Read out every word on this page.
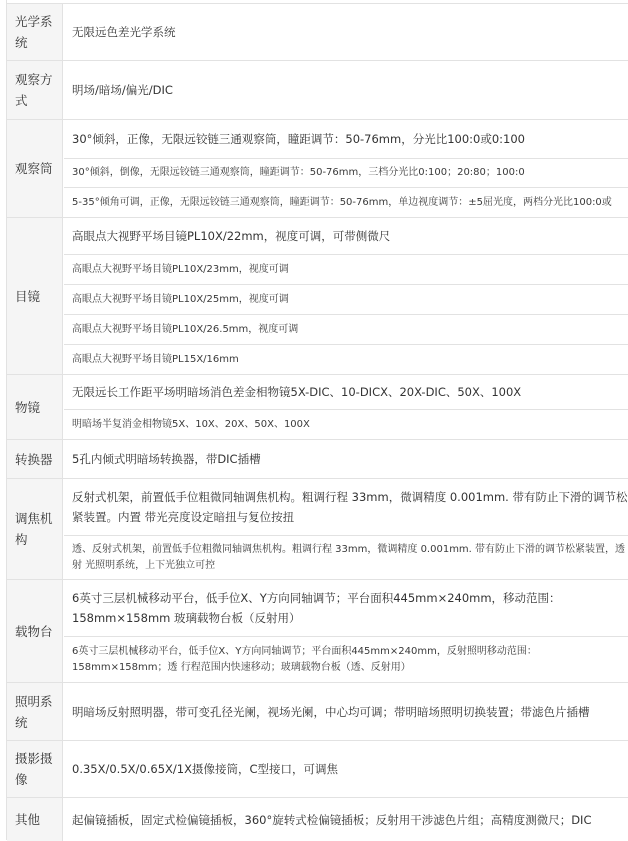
光学系统
无限远色差光学系统
观察方式
明场/暗场/偏光/DIC
观察筒
30°倾斜，正像，无限远铰链三通观察筒，瞳距调节：50-76mm，分光比100:0或0:100
30°倾斜，倒像，无限远铰链三通观察筒，瞳距调节：50-76mm，三档分光比0:100；20:80；100:0
5-35°倾角可调，正像，无限远铰链三通观察筒，瞳距调节：50-76mm，单边视度调节：±5屈光度，两档分光比100:0或
目镜
高眼点大视野平场目镜PL10X/22mm，视度可调，可带侧微尺
高眼点大视野平场目镜PL10X/23mm，视度可调
高眼点大视野平场目镜PL10X/25mm，视度可调
高眼点大视野平场目镜PL10X/26.5mm，视度可调
高眼点大视野平场目镜PL15X/16mm
物镜
无限远长工作距平场明暗场消色差金相物镜5X-DIC、10-DICX、20X-DIC、50X、100X
明暗场半复消金相物镜5X、10X、20X、50X、100X
转换器	5孔内倾式明暗场转换器，带DIC插槽
调焦机构
反射式机架，前置低手位粗微同轴调焦机构。粗调行程 33mm，微调精度 0.001mm. 带有防止下滑的调节松紧装置。内置 带光亮度设定暗扭与复位按扭
透、反射式机架，前置低手位粗微同轴调焦机构。粗调行程 33mm，微调精度 0.001mm. 带有防止下滑的调节松紧装置，透射 光照明系统，上下光独立可控
载物台
6英寸三层机械移动平台，低手位X、Y方向同轴调节；平台面积445mm×240mm，移动范围：158mm×158mm 玻璃载物台板（反射用）
6英寸三层机械移动平台，低手位X、Y方向同轴调节；平台面积445mm×240mm，反射照明移动范围：158mm×158mm；透 行程范围内快速移动；玻璃载物台板（透、反射用）
照明系统
明暗场反射照明器，带可变孔径光阑，视场光阑，中心均可调；带明暗场照明切换装置；带滤色片插槽
摄影摄像
0.35X/0.5X/0.65X/1X摄像接筒，C型接口，可调焦
其他	起偏镜插板，固定式检偏镜插板，360°旋转式检偏镜插板；反射用干涉滤色片组；高精度测微尺；DIC
